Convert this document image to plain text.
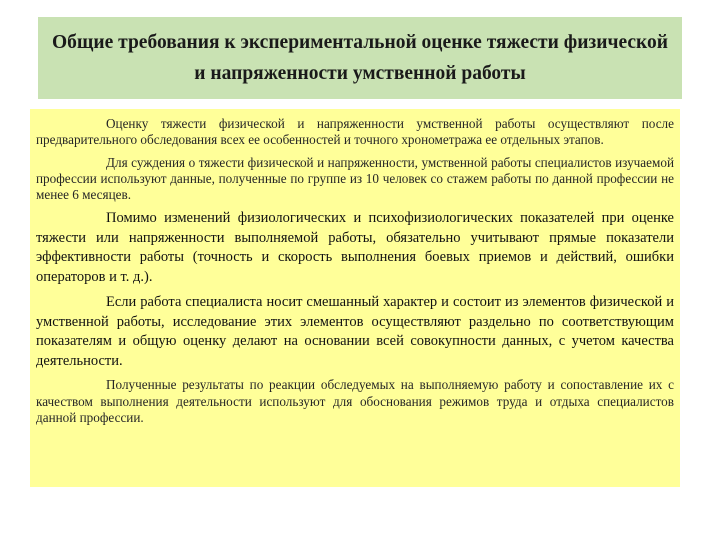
Общие требования к экспериментальной оценке тяжести физической и напряженности умственной работы

Оценку тяжести физической и напряженности умственной работы осуществляют после предварительного обследования всех ее особенностей и точного хронометража ее отдельных этапов.

Для суждения о тяжести физической и напряженности, умственной работы специалистов изучаемой профессии используют данные, полученные по группе из 10 человек со стажем работы по данной профессии не менее 6 месяцев.

Помимо изменений физиологических и психофизиологических показателей при оценке тяжести или напряженности выполняемой работы, обязательно учитывают прямые показатели эффективности работы (точность и скорость выполнения боевых приемов и действий, ошибки операторов и т. д.).

Если работа специалиста носит смешанный характер и состоит из элементов физической и умственной работы, исследование этих элементов осуществляют раздельно по соответствующим показателям и общую оценку делают на основании всей совокупности данных, с учетом качества деятельности.

Полученные результаты по реакции обследуемых на выполняемую работу и сопоставление их с качеством выполнения деятельности используют для обоснования режимов труда и отдыха специалистов данной профессии.
